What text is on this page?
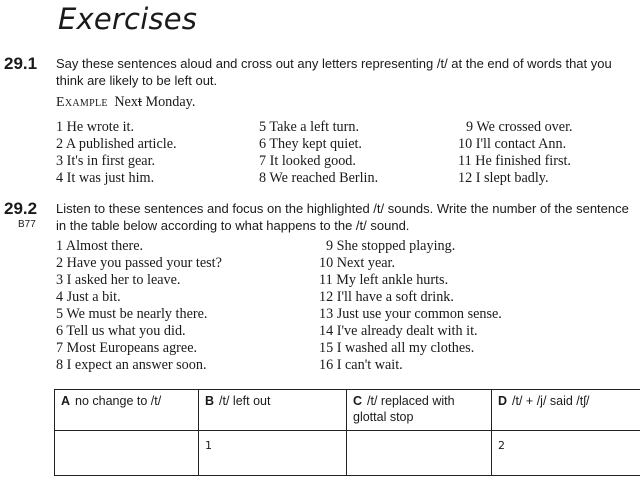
Exercises
29.1 Say these sentences aloud and cross out any letters representing /t/ at the end of words that you
think are likely to be left out.
Example Next Monday.
1 He wrote it.
2 A published article.
3 It's in first gear.
4 It was just him.
5 Take a left turn.
6 They kept quiet.
7 It looked good.
8 We reached Berlin.
9 We crossed over.
10 I'll contact Ann.
11 He finished first.
12 I slept badly.
29.2
B77
Listen to these sentences and focus on the highlighted /t/ sounds. Write the number of the sentence
in the table below according to what happens to the /t/ sound.
1 Almost there.
2 Have you passed your test?
3 I asked her to leave.
4 Just a bit.
5 We must be nearly there.
6 Tell us what you did.
7 Most Europeans agree.
8 I expect an answer soon.
9 She stopped playing.
10 Next year.
11 My left ankle hurts.
12 I'll have a soft drink.
13 Just use your common sense.
14 I've already dealt with it.
15 I washed all my clothes.
16 I can't wait.
A no change to /t/	B /t/ left out	C /t/ replaced with glottal stop	D /t/ + /j/ said /tʃ/
	1		2
